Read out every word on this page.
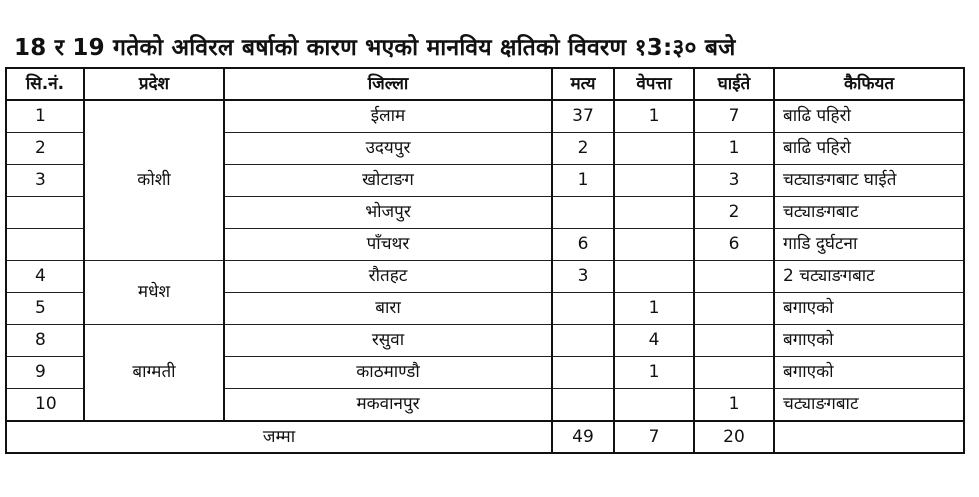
18 र 19 गतेको अविरल बर्षाको कारण भएको मानविय क्षतिको विवरण १3:३० बजे
सि.नं.	प्रदेश	जिल्ला	मत्य	वेपत्ता	घाईते	कैफियत
1	कोशी	ईलाम	37	1	7	बाढि पहिरो
2		उदयपुर	2		1	बाढि पहिरो
3		खोटाङग	1		3	चट्याङगबाट घाईते
		भोजपुर			2	चट्याङगबाट
		पाँचथर	6		6	गाडि दुर्घटना
4	मधेश	रौतहट	3			2 चट्याङगबाट
5		बारा		1		बगाएको
8	बाग्मती	रसुवा		4		बगाएको
9		काठमाण्डौ		1		बगाएको
10		मकवानपुर			1	चट्याङगबाट
जम्मा			49	7	20	
